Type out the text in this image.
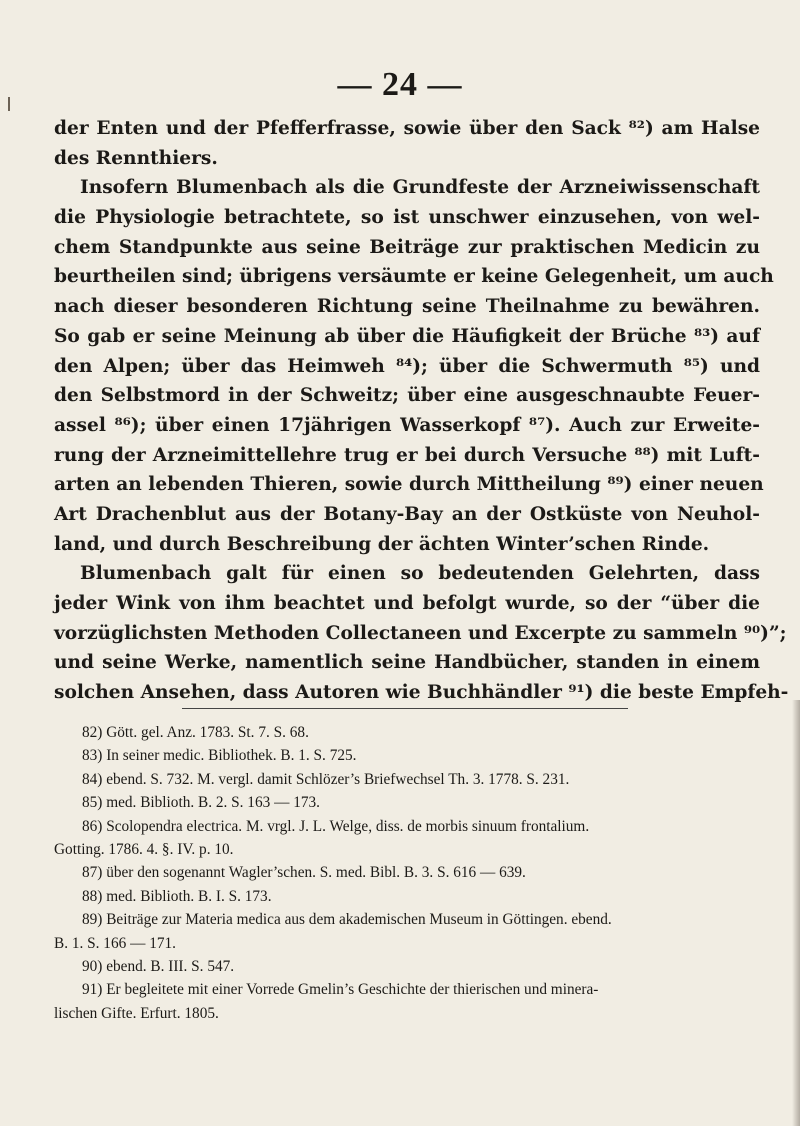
— 24 —
der Enten und der Pfefferfrasse, sowie über den Sack ⁸²) am Halse
des Rennthiers.
Insofern Blumenbach als die Grundfeste der Arzneiwissenschaft
die Physiologie betrachtete, so ist unschwer einzusehen, von wel-
chem Standpunkte aus seine Beiträge zur praktischen Medicin zu
beurtheilen sind; übrigens versäumte er keine Gelegenheit, um auch
nach dieser besonderen Richtung seine Theilnahme zu bewähren.
So gab er seine Meinung ab über die Häufigkeit der Brüche ⁸³) auf
den Alpen; über das Heimweh ⁸⁴); über die Schwermuth ⁸⁵) und
den Selbstmord in der Schweitz; über eine ausgeschnaubte Feuer-
assel ⁸⁶); über einen 17jährigen Wasserkopf ⁸⁷). Auch zur Erweite-
rung der Arzneimittellehre trug er bei durch Versuche ⁸⁸) mit Luft-
arten an lebenden Thieren, sowie durch Mittheilung ⁸⁹) einer neuen
Art Drachenblut aus der Botany-Bay an der Ostküste von Neuhol-
land, und durch Beschreibung der ächten Winter’schen Rinde.
Blumenbach galt für einen so bedeutenden Gelehrten, dass
jeder Wink von ihm beachtet und befolgt wurde, so der “über die
vorzüglichsten Methoden Collectaneen und Excerpte zu sammeln ⁹⁰)”;
und seine Werke, namentlich seine Handbücher, standen in einem
solchen Ansehen, dass Autoren wie Buchhändler ⁹¹) die beste Empfeh-
82) Gött. gel. Anz. 1783. St. 7. S. 68.
83) In seiner medic. Bibliothek. B. 1. S. 725.
84) ebend. S. 732. M. vergl. damit Schlözer’s Briefwechsel Th. 3. 1778. S. 231.
85) med. Biblioth. B. 2. S. 163 — 173.
86) Scolopendra electrica. M. vrgl. J. L. Welge, diss. de morbis sinuum frontalium.
Gotting. 1786. 4. §. IV. p. 10.
87) über den sogenannt Wagler’schen. S. med. Bibl. B. 3. S. 616 — 639.
88) med. Biblioth. B. I. S. 173.
89) Beiträge zur Materia medica aus dem akademischen Museum in Göttingen. ebend.
B. 1. S. 166 — 171.
90) ebend. B. III. S. 547.
91) Er begleitete mit einer Vorrede Gmelin’s Geschichte der thierischen und minera-
lischen Gifte. Erfurt. 1805.
